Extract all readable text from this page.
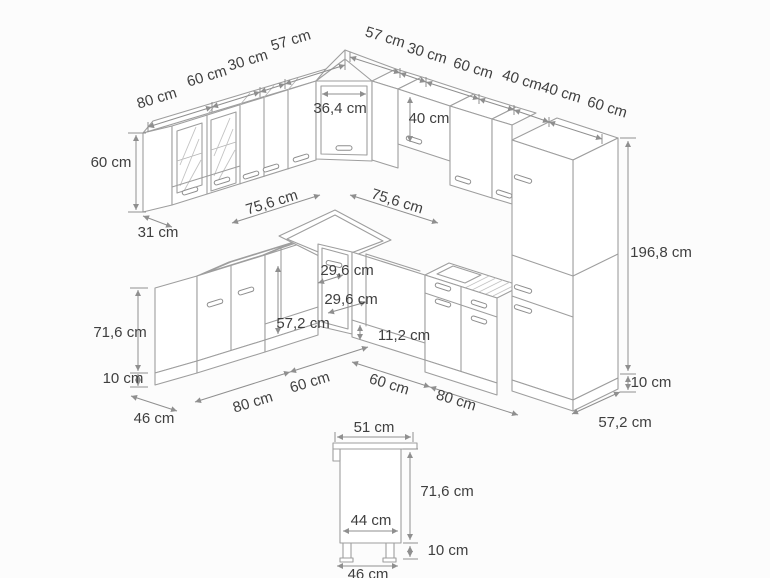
80 cm
60 cm
30 cm
57 cm	57 cm
30 cm
60 cm 40 cm
40 cm
60 cm
36,4 cm
40 cm
60 cm
31 cm
75,6 cm	75,6 cm
29,6 cm
29,6 cm
57,2 cm
11,2 cm
71,6 cm
10 cm
46 cm
80 cm
60 cm 60 cm
80 cm
196,8 cm
10 cm
57,2 cm
51 cm
71,6 cm
10 cm
44 cm
46 cm
